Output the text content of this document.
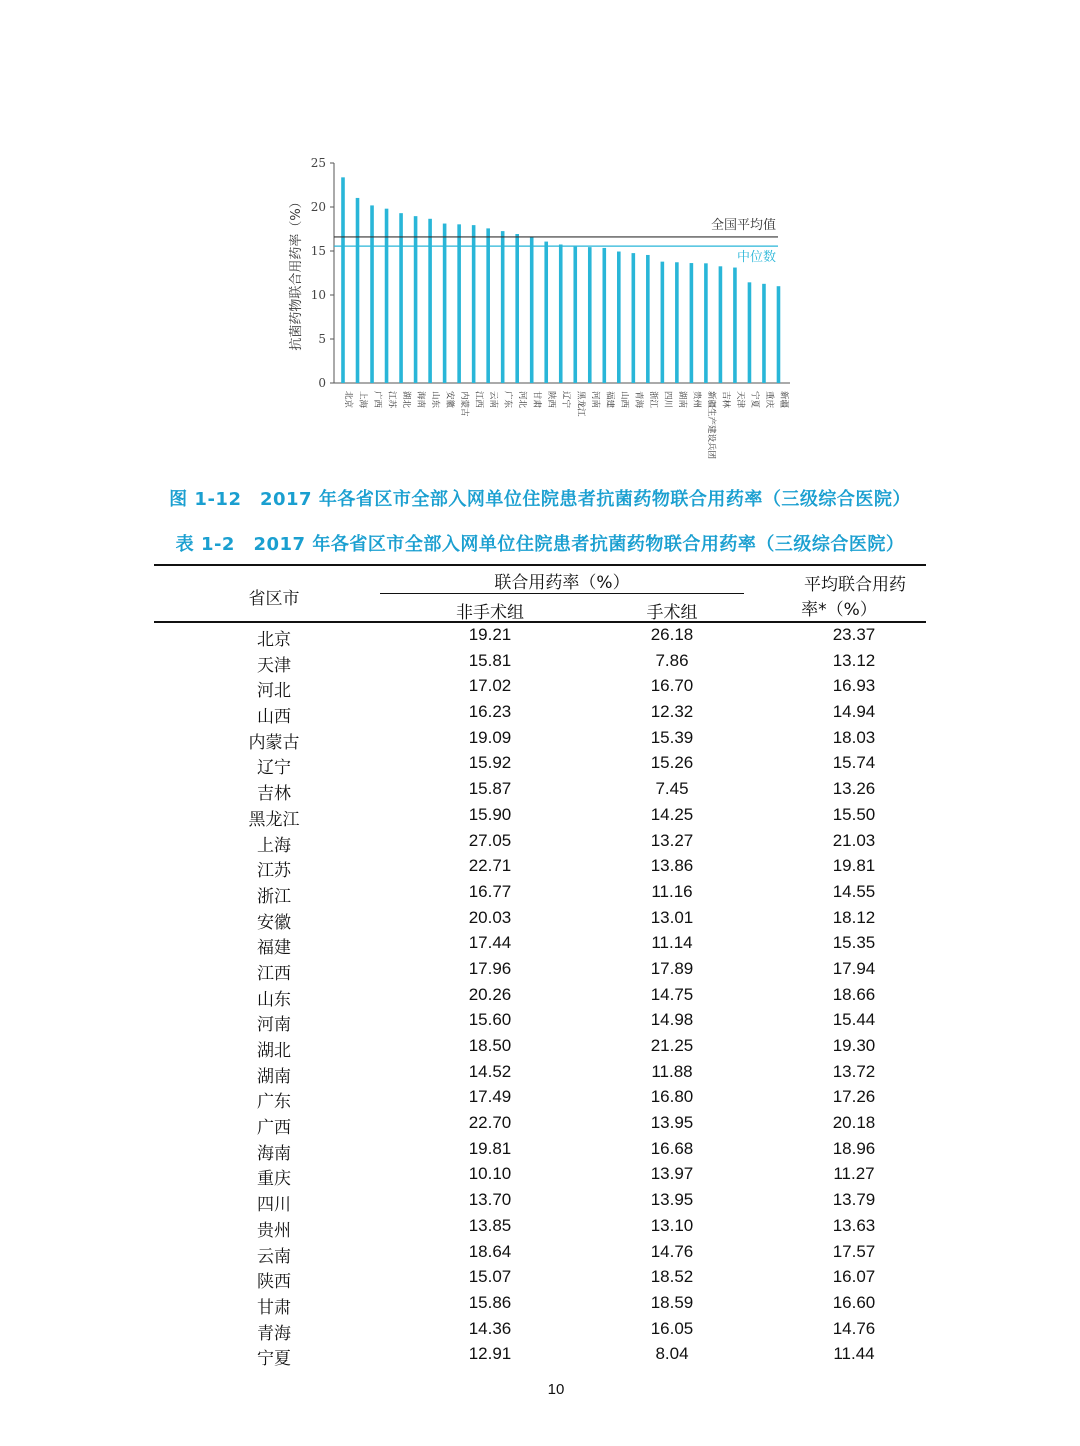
0
5
10
15
20
25
抗菌药物联合用药率（%）
北京 上海 广西 江苏 湖北 海南 山东 安徽 内蒙古 江西 云南 广东 河北 甘肃 陕西 辽宁 黑龙江 河南 福建 山西 青海 浙江 四川 湖南 贵州 新疆生产建设兵团 吉林 天津 宁夏 重庆 新疆
全国平均值
中位数
图 1-12　2017 年各省区市全部入网单位住院患者抗菌药物联合用药率（三级综合医院）
表 1-2　2017 年各省区市全部入网单位住院患者抗菌药物联合用药率（三级综合医院）
省区市
联合用药率（%）
非手术组	手术组
平均联合用药
率*（%）
北京	19.21	26.18	23.37
天津	15.81	7.86	13.12
河北	17.02	16.70	16.93
山西	16.23	12.32	14.94
内蒙古	19.09	15.39	18.03
辽宁	15.92	15.26	15.74
吉林	15.87	7.45	13.26
黑龙江	15.90	14.25	15.50
上海	27.05	13.27	21.03
江苏	22.71	13.86	19.81
浙江	16.77	11.16	14.55
安徽	20.03	13.01	18.12
福建	17.44	11.14	15.35
江西	17.96	17.89	17.94
山东	20.26	14.75	18.66
河南	15.60	14.98	15.44
湖北	18.50	21.25	19.30
湖南	14.52	11.88	13.72
广东	17.49	16.80	17.26
广西	22.70	13.95	20.18
海南	19.81	16.68	18.96
重庆	10.10	13.97	11.27
四川	13.70	13.95	13.79
贵州	13.85	13.10	13.63
云南	18.64	14.76	17.57
陕西	15.07	18.52	16.07
甘肃	15.86	18.59	16.60
青海	14.36	16.05	14.76
宁夏	12.91	8.04	11.44
10
